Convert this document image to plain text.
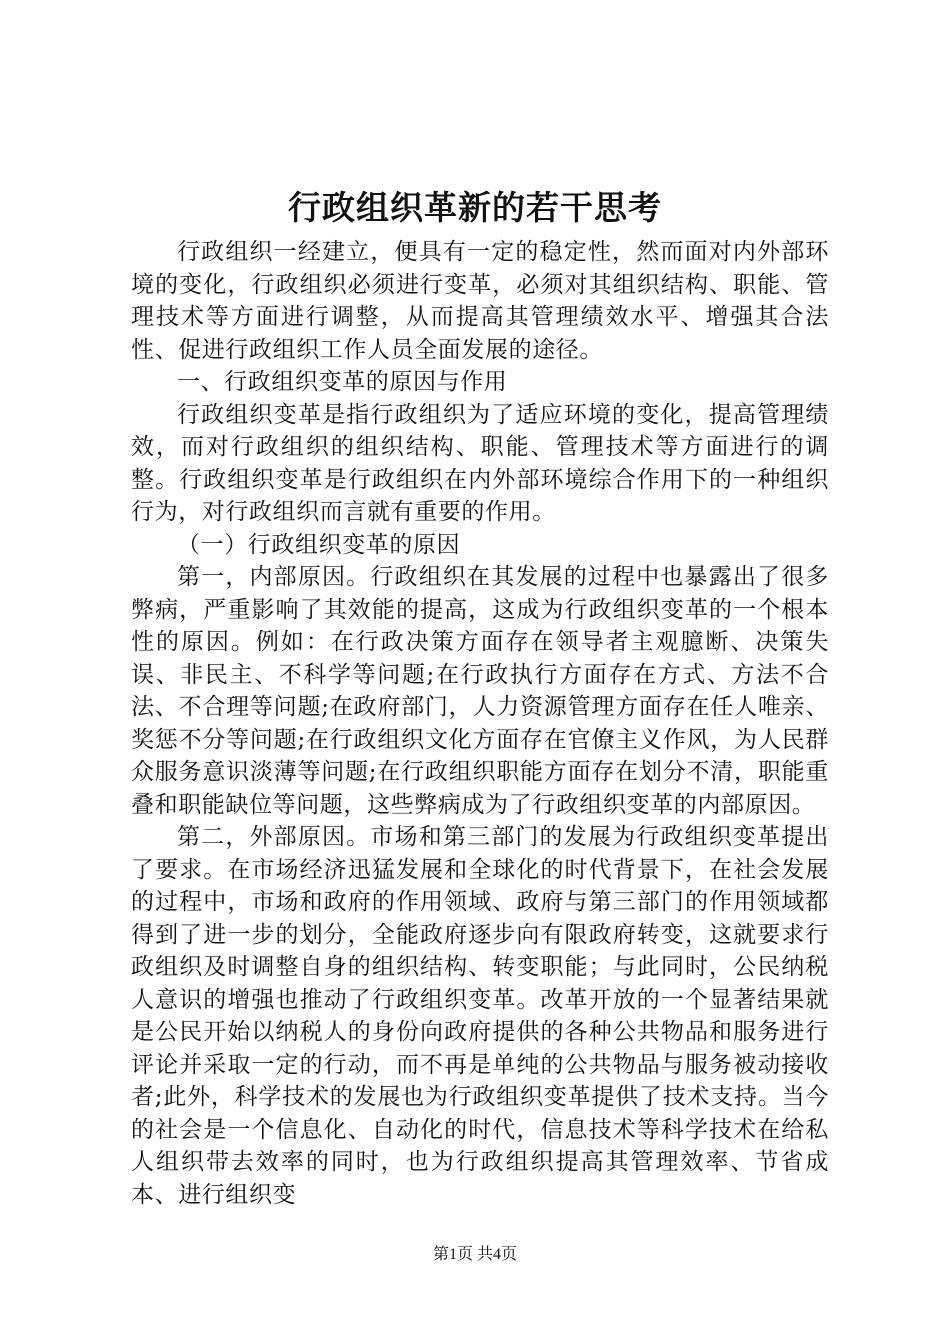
行政组织革新的若干思考

行政组织一经建立，便具有一定的稳定性，然而面对内外部环境的变化，行政组织必须进行变革，必须对其组织结构、职能、管理技术等方面进行调整，从而提高其管理绩效水平、增强其合法性、促进行政组织工作人员全面发展的途径。

一、行政组织变革的原因与作用

行政组织变革是指行政组织为了适应环境的变化，提高管理绩效，而对行政组织的组织结构、职能、管理技术等方面进行的调整。行政组织变革是行政组织在内外部环境综合作用下的一种组织行为，对行政组织而言就有重要的作用。

（一）行政组织变革的原因

第一，内部原因。行政组织在其发展的过程中也暴露出了很多弊病，严重影响了其效能的提高，这成为行政组织变革的一个根本性的原因。例如：在行政决策方面存在领导者主观臆断、决策失误、非民主、不科学等问题;在行政执行方面存在方式、方法不合法、不合理等问题;在政府部门，人力资源管理方面存在任人唯亲、奖惩不分等问题;在行政组织文化方面存在官僚主义作风，为人民群众服务意识淡薄等问题;在行政组织职能方面存在划分不清，职能重叠和职能缺位等问题，这些弊病成为了行政组织变革的内部原因。

第二，外部原因。市场和第三部门的发展为行政组织变革提出了要求。在市场经济迅猛发展和全球化的时代背景下，在社会发展的过程中，市场和政府的作用领域、政府与第三部门的作用领域都得到了进一步的划分，全能政府逐步向有限政府转变，这就要求行政组织及时调整自身的组织结构、转变职能；与此同时，公民纳税人意识的增强也推动了行政组织变革。改革开放的一个显著结果就是公民开始以纳税人的身份向政府提供的各种公共物品和服务进行评论并采取一定的行动，而不再是单纯的公共物品与服务被动接收者;此外，科学技术的发展也为行政组织变革提供了技术支持。当今的社会是一个信息化、自动化的时代，信息技术等科学技术在给私人组织带去效率的同时，也为行政组织提高其管理效率、节省成本、进行组织变

第1页 共4页
